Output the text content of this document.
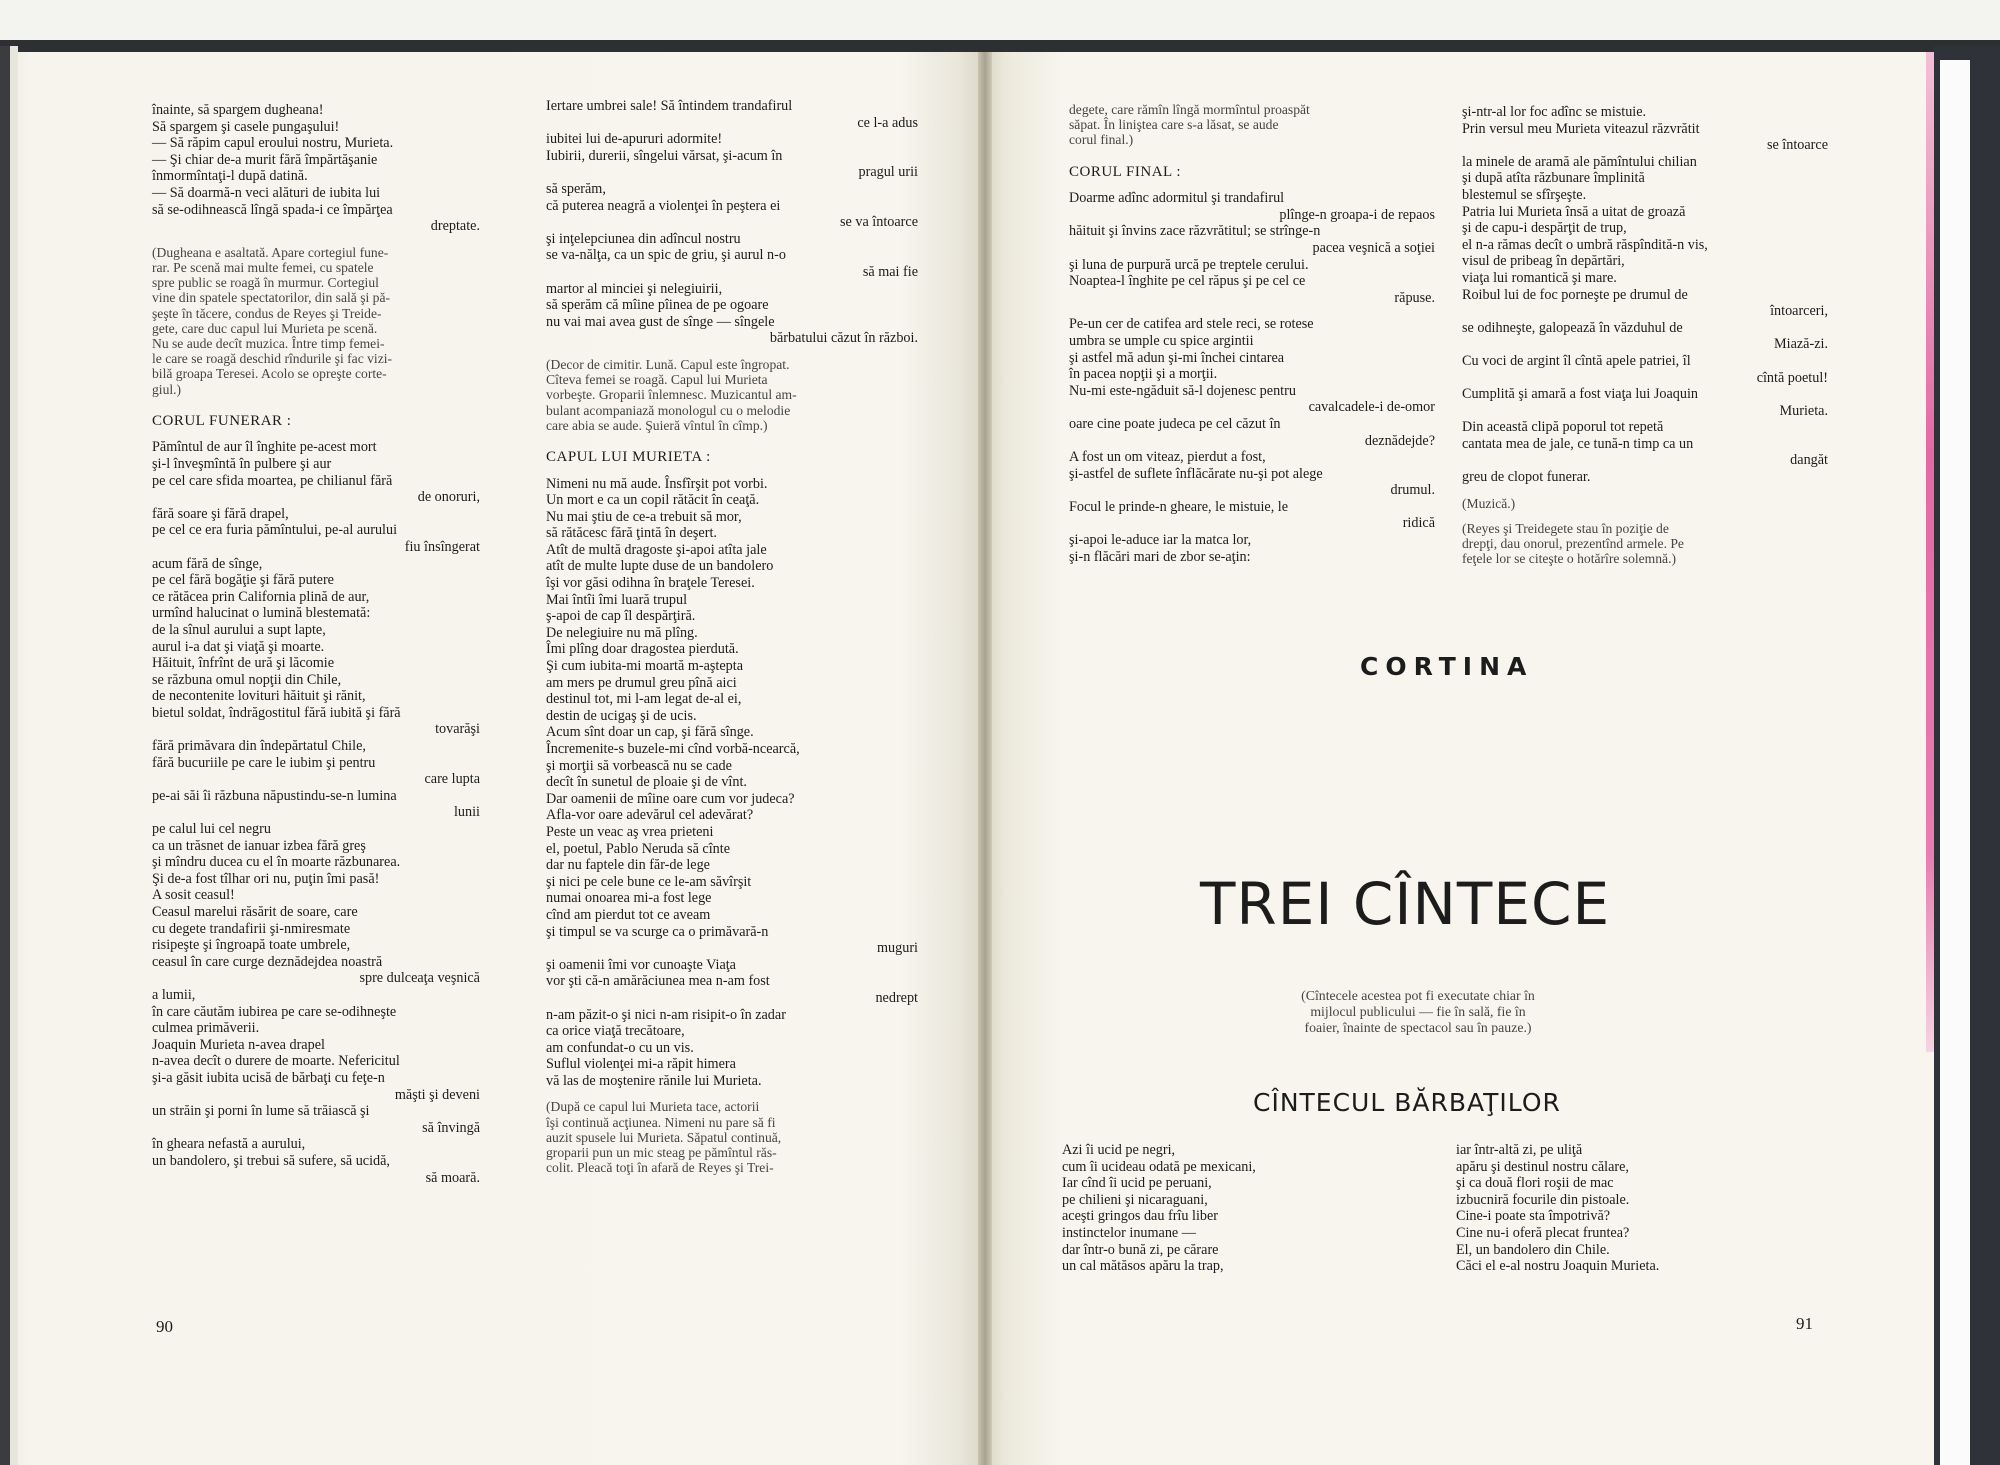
înainte, să spargem dugheana!

Să spargem şi casele pungaşului!

— Să răpim capul eroului nostru, Murieta.

— Şi chiar de-a murit fără împărtăşanie

înmormîntaţi-l după datină.

— Să doarmă-n veci alături de iubita lui

să se-odihnească lîngă spada-i ce împărţea

dreptate.

(Dugheana e asaltată. Apare cortegiul fune-

rar. Pe scenă mai multe femei, cu spatele

spre public se roagă în murmur. Cortegiul

vine din spatele spectatorilor, din sală şi pă-

şeşte în tăcere, condus de Reyes şi Treide-

gete, care duc capul lui Murieta pe scenă.

Nu se aude decît muzica. Între timp femei-

le care se roagă deschid rîndurile şi fac vizi-

bilă groapa Teresei. Acolo se opreşte corte-

giul.)

CORUL FUNERAR :

Pămîntul de aur îl înghite pe-acest mort

şi-l înveşmîntă în pulbere şi aur

pe cel care sfida moartea, pe chilianul fără

de onoruri,

fără soare şi fără drapel,

pe cel ce era furia pămîntului, pe-al aurului

fiu însîngerat

acum fără de sînge,

pe cel fără bogăţie şi fără putere

ce rătăcea prin California plină de aur,

urmînd halucinat o lumină blestemată:

de la sînul aurului a supt lapte,

aurul i-a dat şi viaţă şi moarte.

Hăituit, înfrînt de ură şi lăcomie

se răzbuna omul nopţii din Chile,

de necontenite lovituri hăituit şi rănit,

bietul soldat, îndrăgostitul fără iubită şi fără

tovarăşi

fără primăvara din îndepărtatul Chile,

fără bucuriile pe care le iubim şi pentru

care lupta

pe-ai săi îi răzbuna năpustindu-se-n lumina

lunii

pe calul lui cel negru

ca un trăsnet de ianuar izbea fără greş

şi mîndru ducea cu el în moarte răzbunarea.

Şi de-a fost tîlhar ori nu, puţin îmi pasă!

A sosit ceasul!

Ceasul marelui răsărit de soare, care

cu degete trandafirii şi-nmiresmate

risipeşte şi îngroapă toate umbrele,

ceasul în care curge deznădejdea noastră

spre dulceaţa veşnică

a lumii,

în care căutăm iubirea pe care se-odihneşte

culmea primăverii.

Joaquin Murieta n-avea drapel

n-avea decît o durere de moarte. Nefericitul

şi-a găsit iubita ucisă de bărbaţi cu feţe-n

măşti şi deveni

un străin şi porni în lume să trăiască şi

să învingă

în gheara nefastă a aurului,

un bandolero, şi trebui să sufere, să ucidă,

să moară.

Iertare umbrei sale! Să întindem trandafirul

ce l-a adus

iubitei lui de-apururi adormite!

Iubirii, durerii, sîngelui vărsat, şi-acum în

pragul urii

să sperăm,

că puterea neagră a violenţei în peştera ei

se va întoarce

şi inţelepciunea din adîncul nostru

se va-nălţa, ca un spic de griu, şi aurul n-o

să mai fie

martor al minciei şi nelegiuirii,

să sperăm că mîine pîinea de pe ogoare

nu vai mai avea gust de sînge — sîngele

bărbatului căzut în război.

(Decor de cimitir. Lună. Capul este îngropat.

Cîteva femei se roagă. Capul lui Murieta

vorbeşte. Groparii înlemnesc. Muzicantul am-

bulant acompaniază monologul cu o melodie

care abia se aude. Şuieră vîntul în cîmp.)

CAPUL LUI MURIETA :

Nimeni nu mă aude. Însfîrşit pot vorbi.

Un mort e ca un copil rătăcit în ceaţă.

Nu mai ştiu de ce-a trebuit să mor,

să rătăcesc fără ţintă în deşert.

Atît de multă dragoste şi-apoi atîta jale

atît de multe lupte duse de un bandolero

îşi vor găsi odihna în braţele Teresei.

Mai întîi îmi luară trupul

ş-apoi de cap îl despărţiră.

De nelegiuire nu mă plîng.

Îmi plîng doar dragostea pierdută.

Şi cum iubita-mi moartă m-aştepta

am mers pe drumul greu pînă aici

destinul tot, mi l-am legat de-al ei,

destin de ucigaş şi de ucis.

Acum sînt doar un cap, şi fără sînge.

Încremenite-s buzele-mi cînd vorbă-ncearcă,

şi morţii să vorbească nu se cade

decît în sunetul de ploaie şi de vînt.

Dar oamenii de mîine oare cum vor judeca?

Afla-vor oare adevărul cel adevărat?

Peste un veac aş vrea prieteni

el, poetul, Pablo Neruda să cînte

dar nu faptele din făr-de lege

şi nici pe cele bune ce le-am săvîrşit

numai onoarea mi-a fost lege

cînd am pierdut tot ce aveam

şi timpul se va scurge ca o primăvară-n

muguri

şi oamenii îmi vor cunoaşte Viaţa

vor şti că-n amărăciunea mea n-am fost

nedrept

n-am păzit-o şi nici n-am risipit-o în zadar

ca orice viaţă trecătoare,

am confundat-o cu un vis.

Suflul violenţei mi-a răpit himera

vă las de moştenire rănile lui Murieta.

(După ce capul lui Murieta tace, actorii

îşi continuă acţiunea. Nimeni nu pare să fi

auzit spusele lui Murieta. Săpatul continuă,

groparii pun un mic steag pe pămîntul răs-

colit. Pleacă toţi în afară de Reyes şi Trei-

90

degete, care rămîn lîngă mormîntul proaspăt

săpat. În liniştea care s-a lăsat, se aude

corul final.)

CORUL FINAL :

Doarme adînc adormitul şi trandafirul

plînge-n groapa-i de repaos

hăituit şi învins zace răzvrătitul; se strînge-n

pacea veşnică a soţiei

şi luna de purpură urcă pe treptele cerului.

Noaptea-l înghite pe cel răpus şi pe cel ce

răpuse.

Pe-un cer de catifea ard stele reci, se rotese

umbra se umple cu spice argintii

şi astfel mă adun şi-mi închei cintarea

în pacea nopţii şi a morţii.

Nu-mi este-ngăduit să-l dojenesc pentru

cavalcadele-i de-omor

oare cine poate judeca pe cel căzut în

deznădejde?

A fost un om viteaz, pierdut a fost,

şi-astfel de suflete înflăcărate nu-şi pot alege

drumul.

Focul le prinde-n gheare, le mistuie, le

ridică

şi-apoi le-aduce iar la matca lor,

şi-n flăcări mari de zbor se-aţin:

şi-ntr-al lor foc adînc se mistuie.

Prin versul meu Murieta viteazul răzvrătit

se întoarce

la minele de aramă ale pămîntului chilian

şi după atîta răzbunare împlinită

blestemul se sfîrşeşte.

Patria lui Murieta însă a uitat de groază

şi de capu-i despărţit de trup,

el n-a rămas decît o umbră răspîndită-n vis,

visul de pribeag în depărtări,

viaţa lui romantică şi mare.

Roibul lui de foc porneşte pe drumul de

întoarceri,

se odihneşte, galopează în văzduhul de

Miază-zi.

Cu voci de argint îl cîntă apele patriei, îl

cîntă poetul!

Cumplită şi amară a fost viaţa lui Joaquin

Murieta.

Din această clipă poporul tot repetă

cantata mea de jale, ce tună-n timp ca un

dangăt

greu de clopot funerar.

(Muzică.)

(Reyes şi Treidegete stau în poziţie de

drepţi, dau onorul, prezentînd armele. Pe

feţele lor se citeşte o hotărîre solemnă.)

CORTINA
TREI CÎNTECE

(Cîntecele acestea pot fi executate chiar în

mijlocul publicului — fie în sală, fie în

foaier, înainte de spectacol sau în pauze.)

CÎNTECUL BĂRBAŢILOR

Azi îi ucid pe negri,

cum îi ucideau odată pe mexicani,

Iar cînd îi ucid pe peruani,

pe chilieni şi nicaraguani,

aceşti gringos dau frîu liber

instinctelor inumane —

dar într-o bună zi, pe cărare

un cal mătăsos apăru la trap,

iar într-altă zi, pe uliţă

apăru şi destinul nostru călare,

şi ca două flori roşii de mac

izbucniră focurile din pistoale.

Cine-i poate sta împotrivă?

Cine nu-i oferă plecat fruntea?

El, un bandolero din Chile.

Căci el e-al nostru Joaquin Murieta.

91
